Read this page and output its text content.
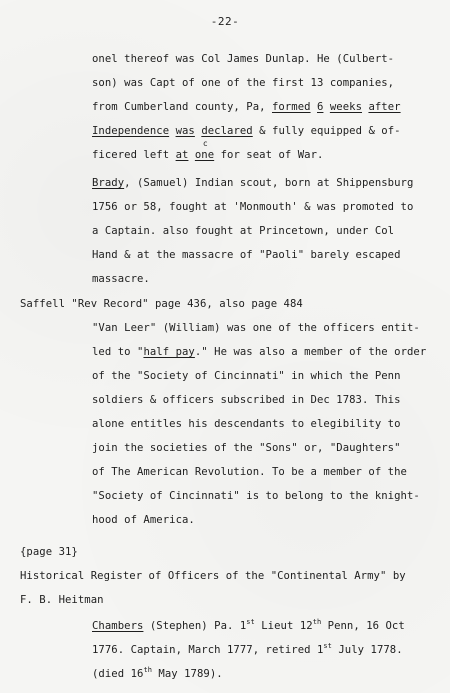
-22-
onel thereof was Col James Dunlap. He (Culbert-
son) was Capt of one of the first 13 companies,
from Cumberland county, Pa, formed 6 weeks after
Independence was declared & fully equipped & of-
ficered left at one
c
for seat of War.
Brady, (Samuel) Indian scout, born at Shippensburg
1756 or 58, fought at 'Monmouth' & was promoted to
a Captain. also fought at Princetown, under Col
Hand & at the massacre of "Paoli" barely escaped
massacre.
Saffell "Rev Record" page 436, also page 484
"Van Leer" (William) was one of the officers entit-
led to "half pay." He was also a member of the order
of the "Society of Cincinnati" in which the Penn
soldiers & officers subscribed in Dec 1783. This
alone entitles his descendants to elegibility to
join the societies of the "Sons" or, "Daughters"
of The American Revolution. To be a member of the
"Society of Cincinnati" is to belong to the knight-
hood of America.
{page 31}
Historical Register of Officers of the "Continental Army" by
F. B. Heitman
Chambers (Stephen) Pa. 1st Lieut 12th Penn, 16 Oct
1776. Captain, March 1777, retired 1st July 1778.
(died 16th May 1789).
